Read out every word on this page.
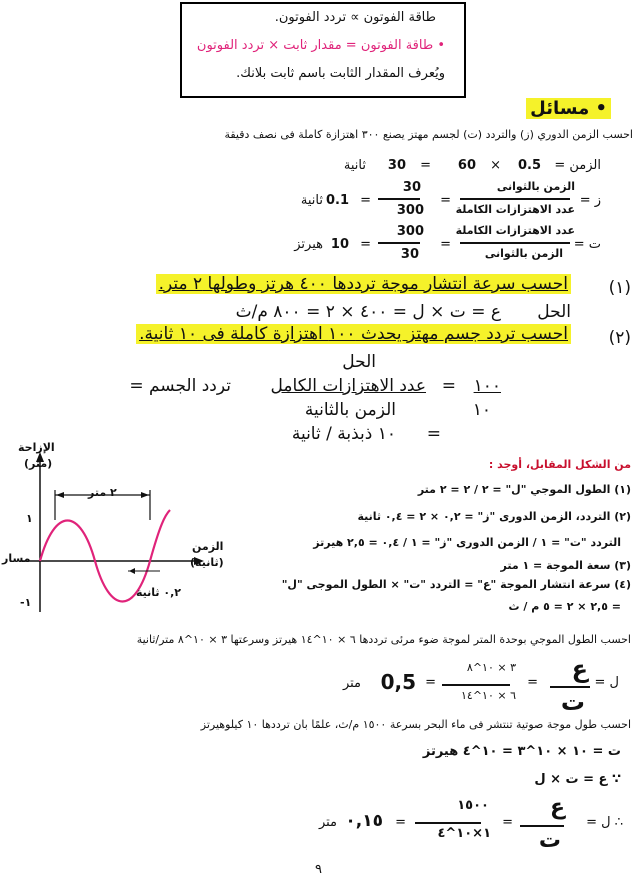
طاقة الفوتون ∝ تردد الفوتون.
• طاقة الفوتون = مقدار ثابت × تردد الفوتون
ويُعرف المقدار الثابت باسم ثابت بلانك.
• مسائل
احسب الزمن الدوري (ز) والتردد (ت) لجسم مهتز يصنع ٣٠٠ اهتزازة كاملة فى نصف دقيقة
الزمن =
0.5
×
60
=
30
ثانية
ز =
الزمن بالثوانى
عدد الاهتزازات الكاملة
=
30
300
=
0.1
ثانية
ت =
عدد الاهتزازات الكاملة
الزمن بالثوانى
=
300
30
=
10
هيرتز
(١)
احسب سرعة انتشار موجة ترددها ٤٠٠ هرتز وطولها ٢ متر.
الحل
ع = ت × ل = ٤٠٠ × ٢ = ٨٠٠ م/ث
(٢)
احسب تردد جسم مهتز يحدث ١٠٠ اهتزازة كاملة فى ١٠ ثانية.
الحل
تردد الجسم = عدد الاهتزازات الكامل
الزمن بالثانية
= ١٠٠
١٠
=
١٠ ذبذبة / ثانية
الإزاحة
(متر)
الزمن
(ثانية)
مسار
١
-١
٢ متر
٠,٢ ثانية
من الشكل المقابل، أوجد :
(١) الطول الموجي "ل" = ٢ / ٢ = ٢ متر
(٢) التردد، الزمن الدورى "ز" = ٠,٢ × ٢ = ٠,٤ ثانية
التردد "ت" = ١ / الزمن الدورى "ز" = ١ / ٠,٤ = ٢,٥ هيرتز
(٣) سعة الموجة = ١ متر
(٤) سرعة انتشار الموجة "ع" = التردد "ت" × الطول الموجى "ل"
= ٢,٥ × ٢ = ٥ م / ث
احسب الطول الموجي بوحدة المتر لموجة ضوء مرئى ترددها ٦ × ١٠^١٤ هيرتز وسرعتها ٣ × ١٠^٨ متر/ثانية
ل =
ع
ت
=
٣ × ١٠^٨
٦ × ١٠^١٤
=
0,5
متر
احسب طول موجة صوتية تنتشر فى ماء البحر بسرعة ١٥٠٠ م/ث، علمًا بان ترددها ١٠ كيلوهيرتز
ت = ١٠ × ١٠^٣ = ١٠^٤ هيرتز
∵ ع = ت × ل
∴ ل =
ع
ت
=
١٥٠٠
١×١٠^٤
=
٠,١٥
متر
٩
